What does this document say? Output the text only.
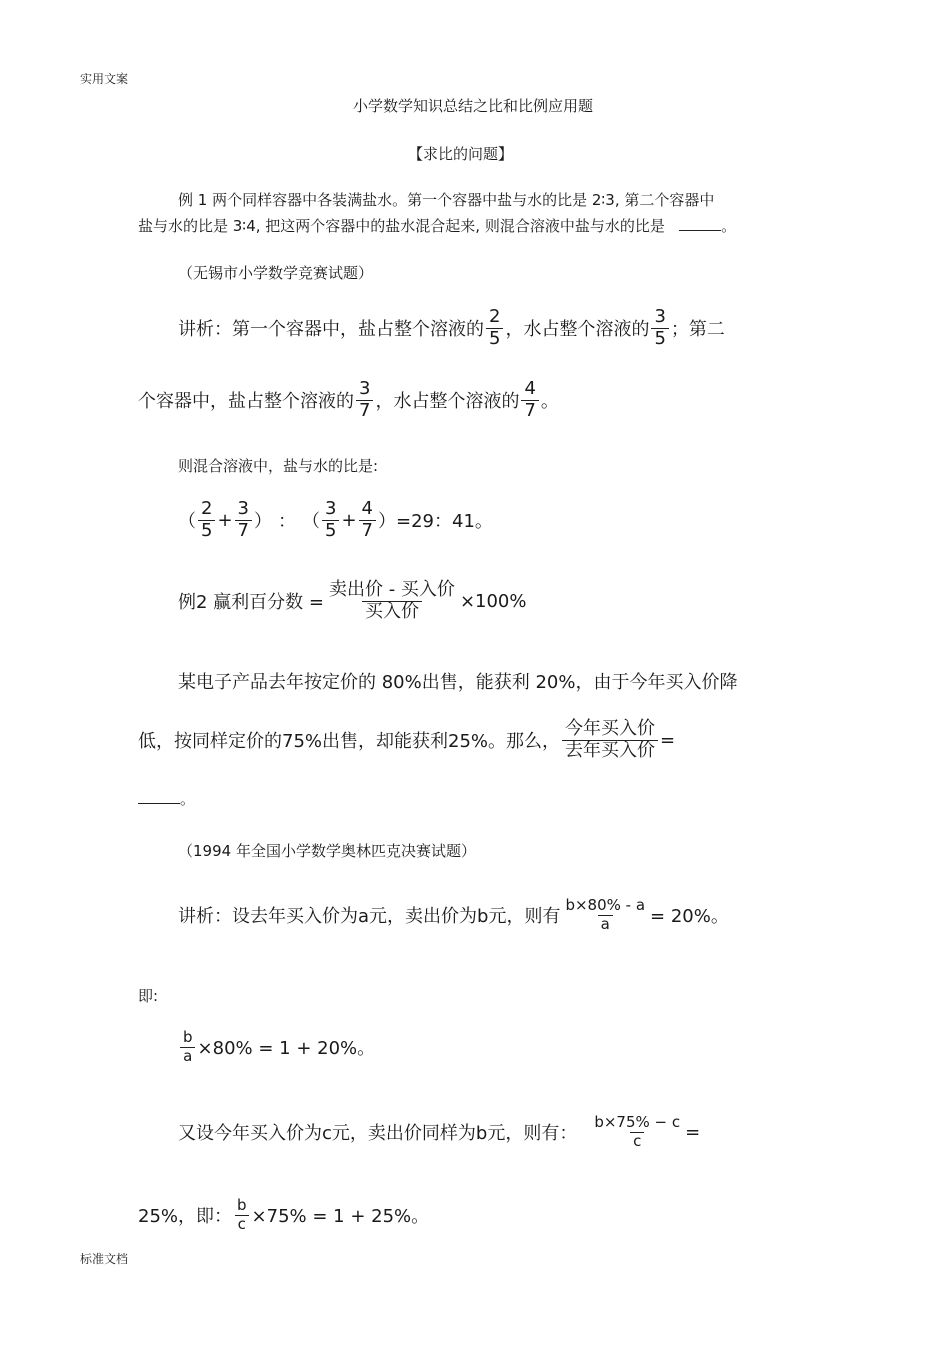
实用文案
小学数学知识总结之比和比例应用题
【求比的问题】
例 1 两个同样容器中各装满盐水。第一个容器中盐与水的比是 2∶3, 第二个容器中
盐与水的比是 3∶4, 把这两个容器中的盐水混合起来, 则混合溶液中盐与水的比是	。
（无锡市小学数学竞赛试题）
讲析：第一个容器中，盐占整个溶液的 $\frac{2}{5}$ ，水占整个溶液的 $\frac{3}{5}$ ；第二
个容器中，盐占整个溶液的 $\frac{3}{7}$ ，水占整个溶液的 $\frac{4}{7}$ 。
则混合溶液中，盐与水的比是:
（ $\frac{2}{5} + \frac{3}{7}$ ） ： （ $\frac{3}{5} + \frac{4}{7} )=29$：41。
例2 赢利百分数 = $\frac{\text{卖出价 - 买入价}}{\text{买入价}} \times 100\%$
某电子产品去年按定价的 80%出售，能获利 20%，由于今年买入价降
低，按同样定价的75%出售，却能获利25%。那么， $\frac{\text{今年买入价}}{\text{去年买入价}}$ =
。
（1994 年全国小学数学奥林匹克决赛试题）
讲析：设去年买入价为a元，卖出价为b元，则有 $\frac{b\times 80\% - a}{a} = 20\%$。
即:
$\frac{b}{a} \times 80\% = 1 + 20\%$。
又设今年买入价为c元，卖出价同样为b元，则有： $\frac{b\times 75\% - c}{c}$ =
25%，即： $\frac{b}{c} \times 75\% = 1 + 25\%$。
标准文档
